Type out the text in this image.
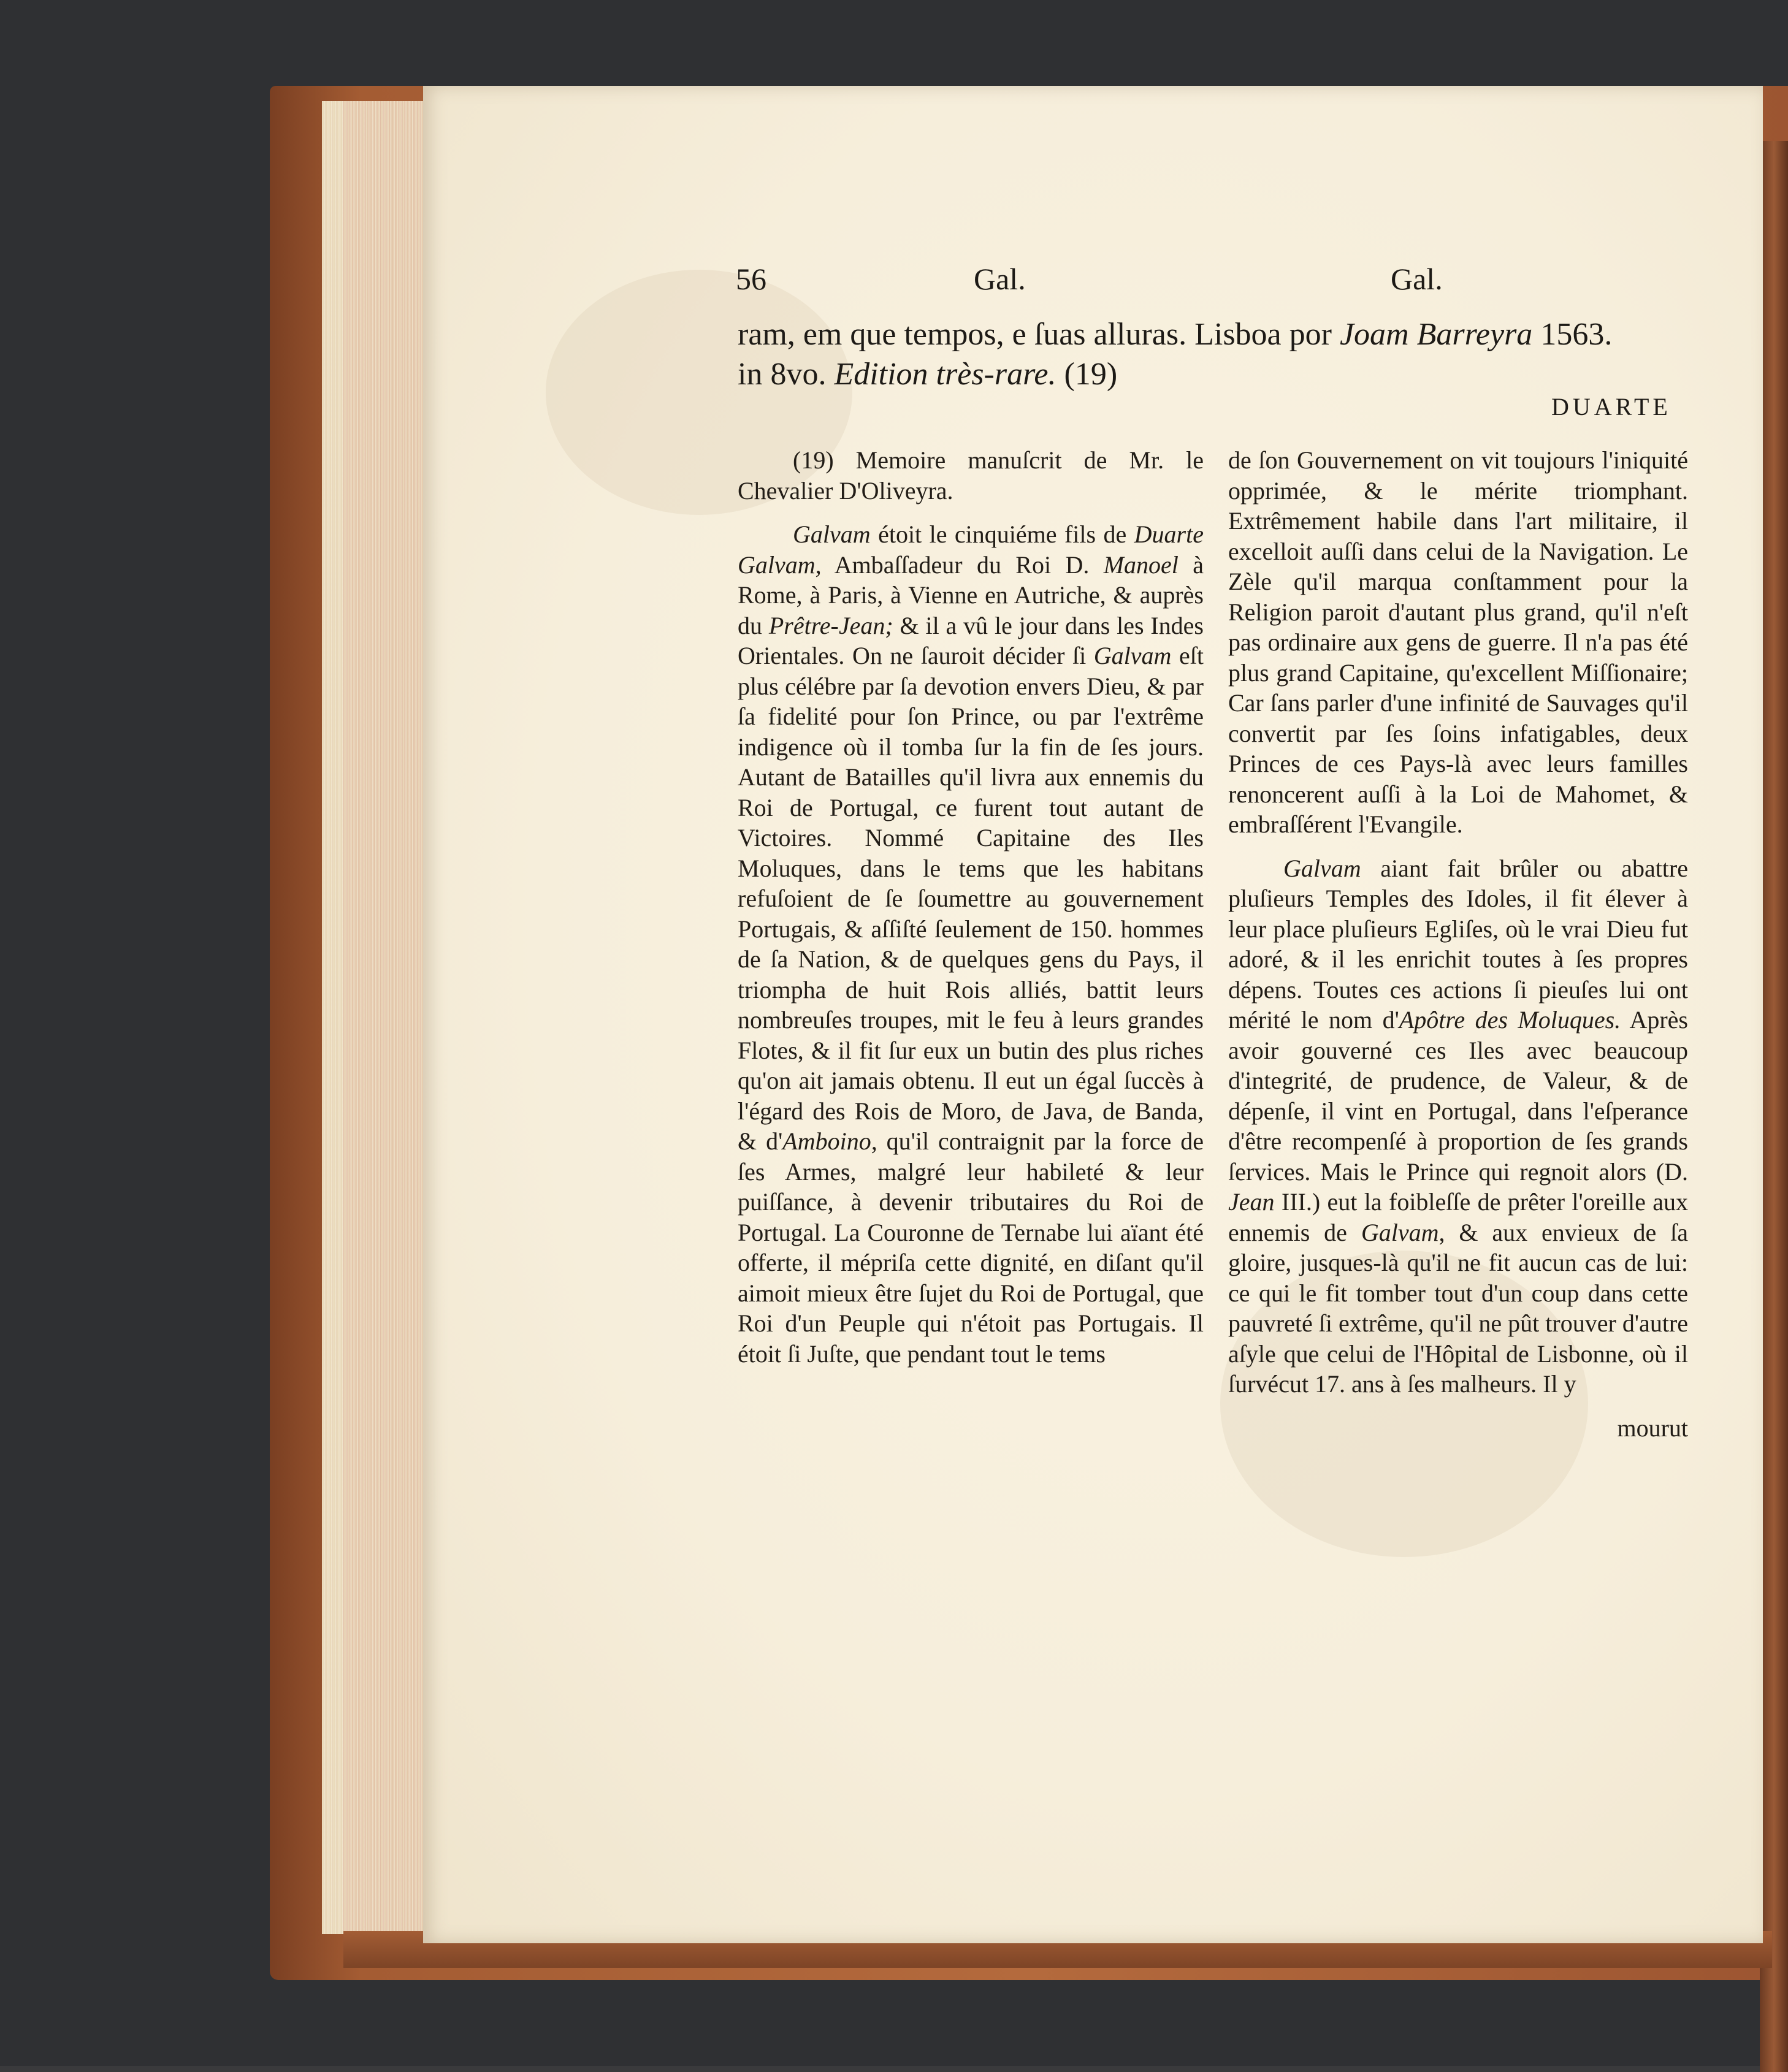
56	Gal.	Gal.
ram, em que tempos, e ſuas alluras. Lisboa por Joam Barreyra 1563.
in 8vo. Edition très-rare. (19)
DUARTE

(19) Memoire manuſcrit de Mr. le Chevalier D'Oliveyra.

Galvam étoit le cinquiéme fils de Duarte Galvam, Ambaſſadeur du Roi D. Manoel à Rome, à Paris, à Vienne en Autriche, & auprès du Prêtre-Jean; & il a vû le jour dans les Indes Orientales. On ne ſauroit décider ſi Galvam eſt plus célébre par ſa devotion envers Dieu, & par ſa fidelité pour ſon Prince, ou par l'extrême indigence où il tomba ſur la fin de ſes jours. Autant de Batailles qu'il livra aux ennemis du Roi de Portugal, ce furent tout autant de Victoires. Nommé Capitaine des Iles Moluques, dans le tems que les habitans refuſoient de ſe ſoumettre au gouvernement Portugais, & aſſiſté ſeulement de 150. hommes de ſa Nation, & de quelques gens du Pays, il triompha de huit Rois alliés, battit leurs nombreuſes troupes, mit le feu à leurs grandes Flotes, & il fit ſur eux un butin des plus riches qu'on ait jamais obtenu. Il eut un égal ſuccès à l'égard des Rois de Moro, de Java, de Banda, & d'Amboino, qu'il contraignit par la force de ſes Armes, malgré leur habileté & leur puiſſance, à devenir tributaires du Roi de Portugal. La Couronne de Ternabe lui aïant été offerte, il mépriſa cette dignité, en diſant qu'il aimoit mieux être ſujet du Roi de Portugal, que Roi d'un Peuple qui n'étoit pas Portugais. Il étoit ſi Juſte, que pendant tout le tems

de ſon Gouvernement on vit toujours l'iniquité opprimée, & le mérite triomphant. Extrêmement habile dans l'art militaire, il excelloit auſſi dans celui de la Navigation. Le Zèle qu'il marqua conſtamment pour la Religion paroit d'autant plus grand, qu'il n'eſt pas ordinaire aux gens de guerre. Il n'a pas été plus grand Capitaine, qu'excellent Miſſionaire; Car ſans parler d'une infinité de Sauvages qu'il convertit par ſes ſoins infatigables, deux Princes de ces Pays-là avec leurs familles renoncerent auſſi à la Loi de Mahomet, & embraſſérent l'Evangile.

Galvam aiant fait brûler ou abattre pluſieurs Temples des Idoles, il fit élever à leur place pluſieurs Egliſes, où le vrai Dieu fut adoré, & il les enrichit toutes à ſes propres dépens. Toutes ces actions ſi pieuſes lui ont mérité le nom d'Apôtre des Moluques. Après avoir gouverné ces Iles avec beaucoup d'integrité, de prudence, de Valeur, & de dépenſe, il vint en Portugal, dans l'eſperance d'être recompenſé à proportion de ſes grands ſervices. Mais le Prince qui regnoit alors (D. Jean III.) eut la foibleſſe de prêter l'oreille aux ennemis de Galvam, & aux envieux de ſa gloire, jusques-là qu'il ne fit aucun cas de lui: ce qui le fit tomber tout d'un coup dans cette pauvreté ſi extrême, qu'il ne pût trouver d'autre aſyle que celui de l'Hôpital de Lisbonne, où il ſurvécut 17. ans à ſes malheurs. Il y

mourut
